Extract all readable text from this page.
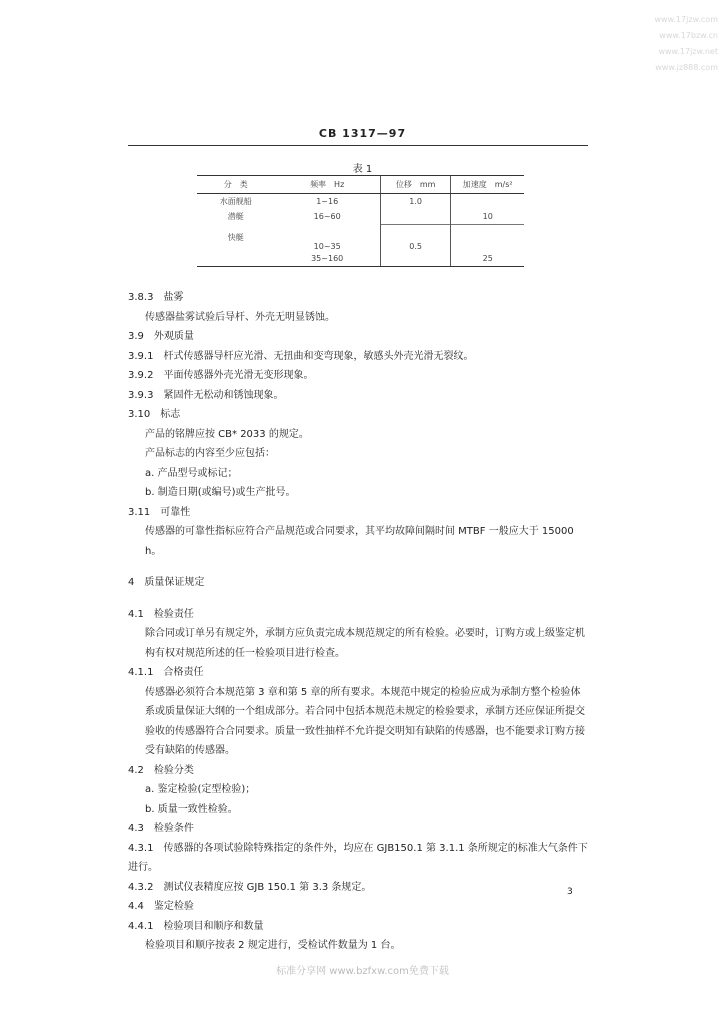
www.17jzw.com
www.17bzw.cn
www.17jzw.net
www.jz888.com
CB 1317—97
表 1
分　类	频率　Hz	位移　mm	加速度　m/s²
水面舰船	1~16	1.0	
潜艇	16~60		10
快艇	10~35	0.5	
	35~160		25
3.8.3　盐雾
传感器盐雾试验后导杆、外壳无明显锈蚀。
3.9　外观质量
3.9.1　杆式传感器导杆应光滑、无扭曲和变弯现象，敏感头外壳光滑无裂纹。
3.9.2　平面传感器外壳光滑无变形现象。
3.9.3　紧固件无松动和锈蚀现象。
3.10　标志
产品的铭牌应按 CB* 2033 的规定。
产品标志的内容至少应包括：
a. 产品型号或标记；
b. 制造日期(或编号)或生产批号。
3.11　可靠性
传感器的可靠性指标应符合产品规范或合同要求，其平均故障间隔时间 MTBF 一般应大于 15000 h。
4　质量保证规定
4.1　检验责任
除合同或订单另有规定外，承制方应负责完成本规范规定的所有检验。必要时，订购方或上级鉴定机构有权对规范所述的任一检验项目进行检查。
4.1.1　合格责任
传感器必须符合本规范第 3 章和第 5 章的所有要求。本规范中规定的检验应成为承制方整个检验体系或质量保证大纲的一个组成部分。若合同中包括本规范未规定的检验要求，承制方还应保证所提交验收的传感器符合合同要求。质量一致性抽样不允许提交明知有缺陷的传感器，也不能要求订购方接受有缺陷的传感器。
4.2　检验分类
a. 鉴定检验(定型检验)；
b. 质量一致性检验。
4.3　检验条件
4.3.1　传感器的各项试验除特殊指定的条件外，均应在 GJB150.1 第 3.1.1 条所规定的标准大气条件下进行。
4.3.2　测试仪表精度应按 GJB 150.1 第 3.3 条规定。
4.4　鉴定检验
4.4.1　检验项目和顺序和数量
检验项目和顺序按表 2 规定进行，受检试件数量为 1 台。
3
标准分享网 www.bzfxw.com免费下载
